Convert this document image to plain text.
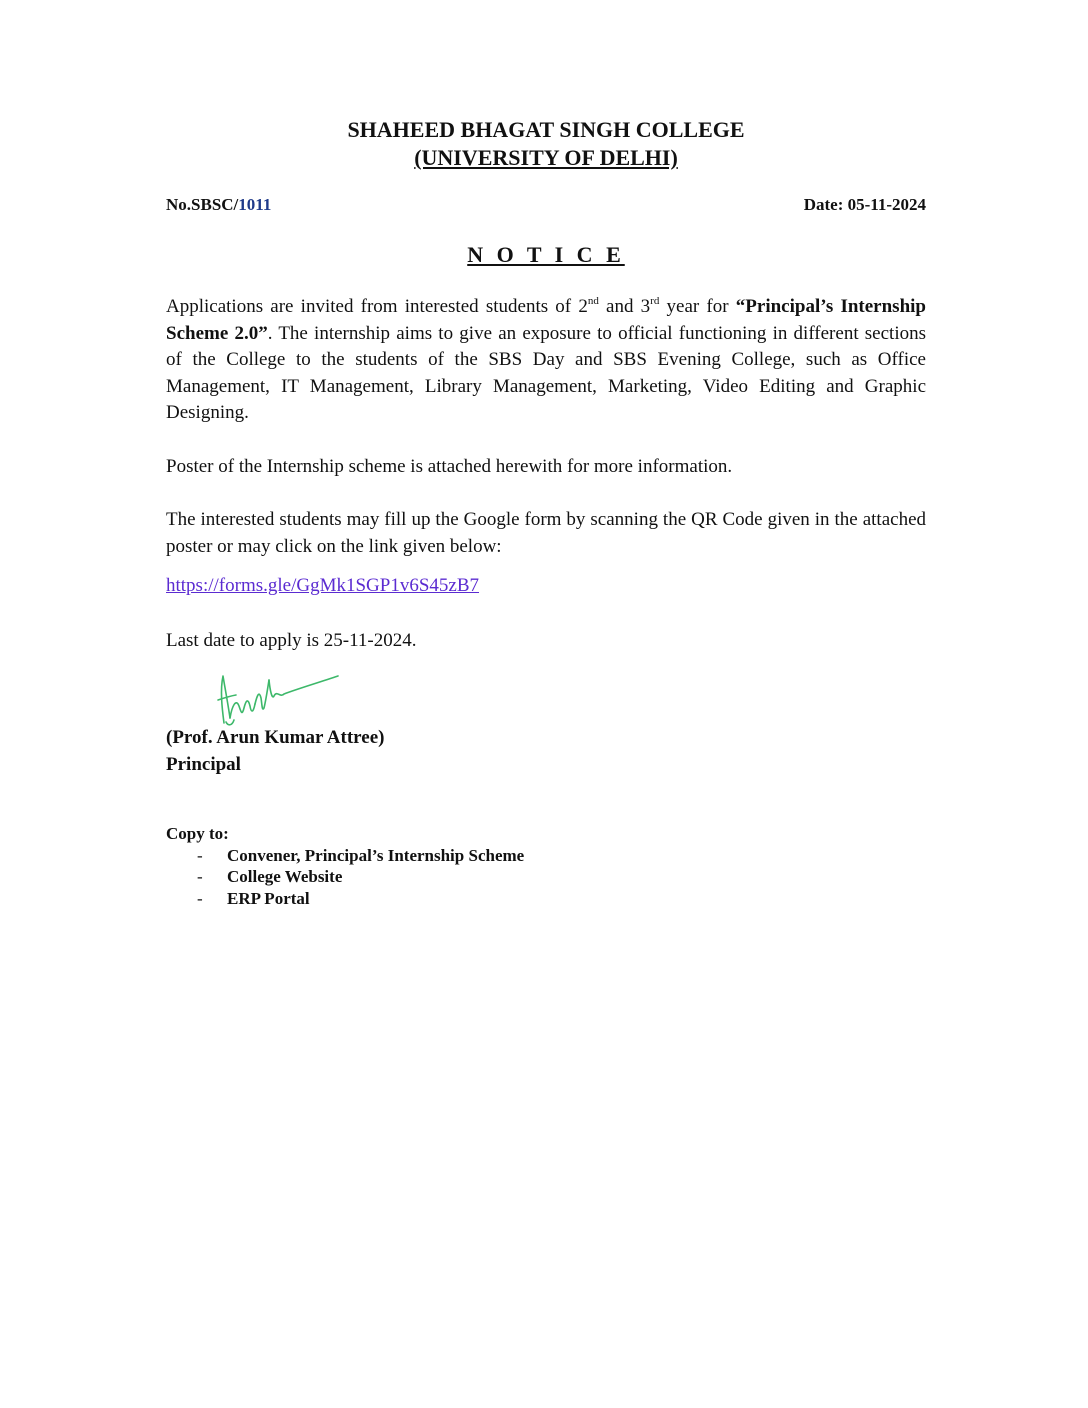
SHAHEED BHAGAT SINGH COLLEGE
(UNIVERSITY OF DELHI)
No.SBSC/1011	Date: 05-11-2024
N O T I C E
Applications are invited from interested students of 2nd and 3rd year for “Principal’s Internship Scheme 2.0”. The internship aims to give an exposure to official functioning in different sections of the College to the students of the SBS Day and SBS Evening College, such as Office Management, IT Management, Library Management, Marketing, Video Editing and Graphic Designing.
Poster of the Internship scheme is attached herewith for more information.
The interested students may fill up the Google form by scanning the QR Code given in the attached poster or may click on the link given below:
https://forms.gle/GgMk1SGP1v6S45zB7
Last date to apply is 25-11-2024.
(Prof. Arun Kumar Attree)
Principal
Copy to:
- Convener, Principal’s Internship Scheme
- College Website
- ERP Portal
